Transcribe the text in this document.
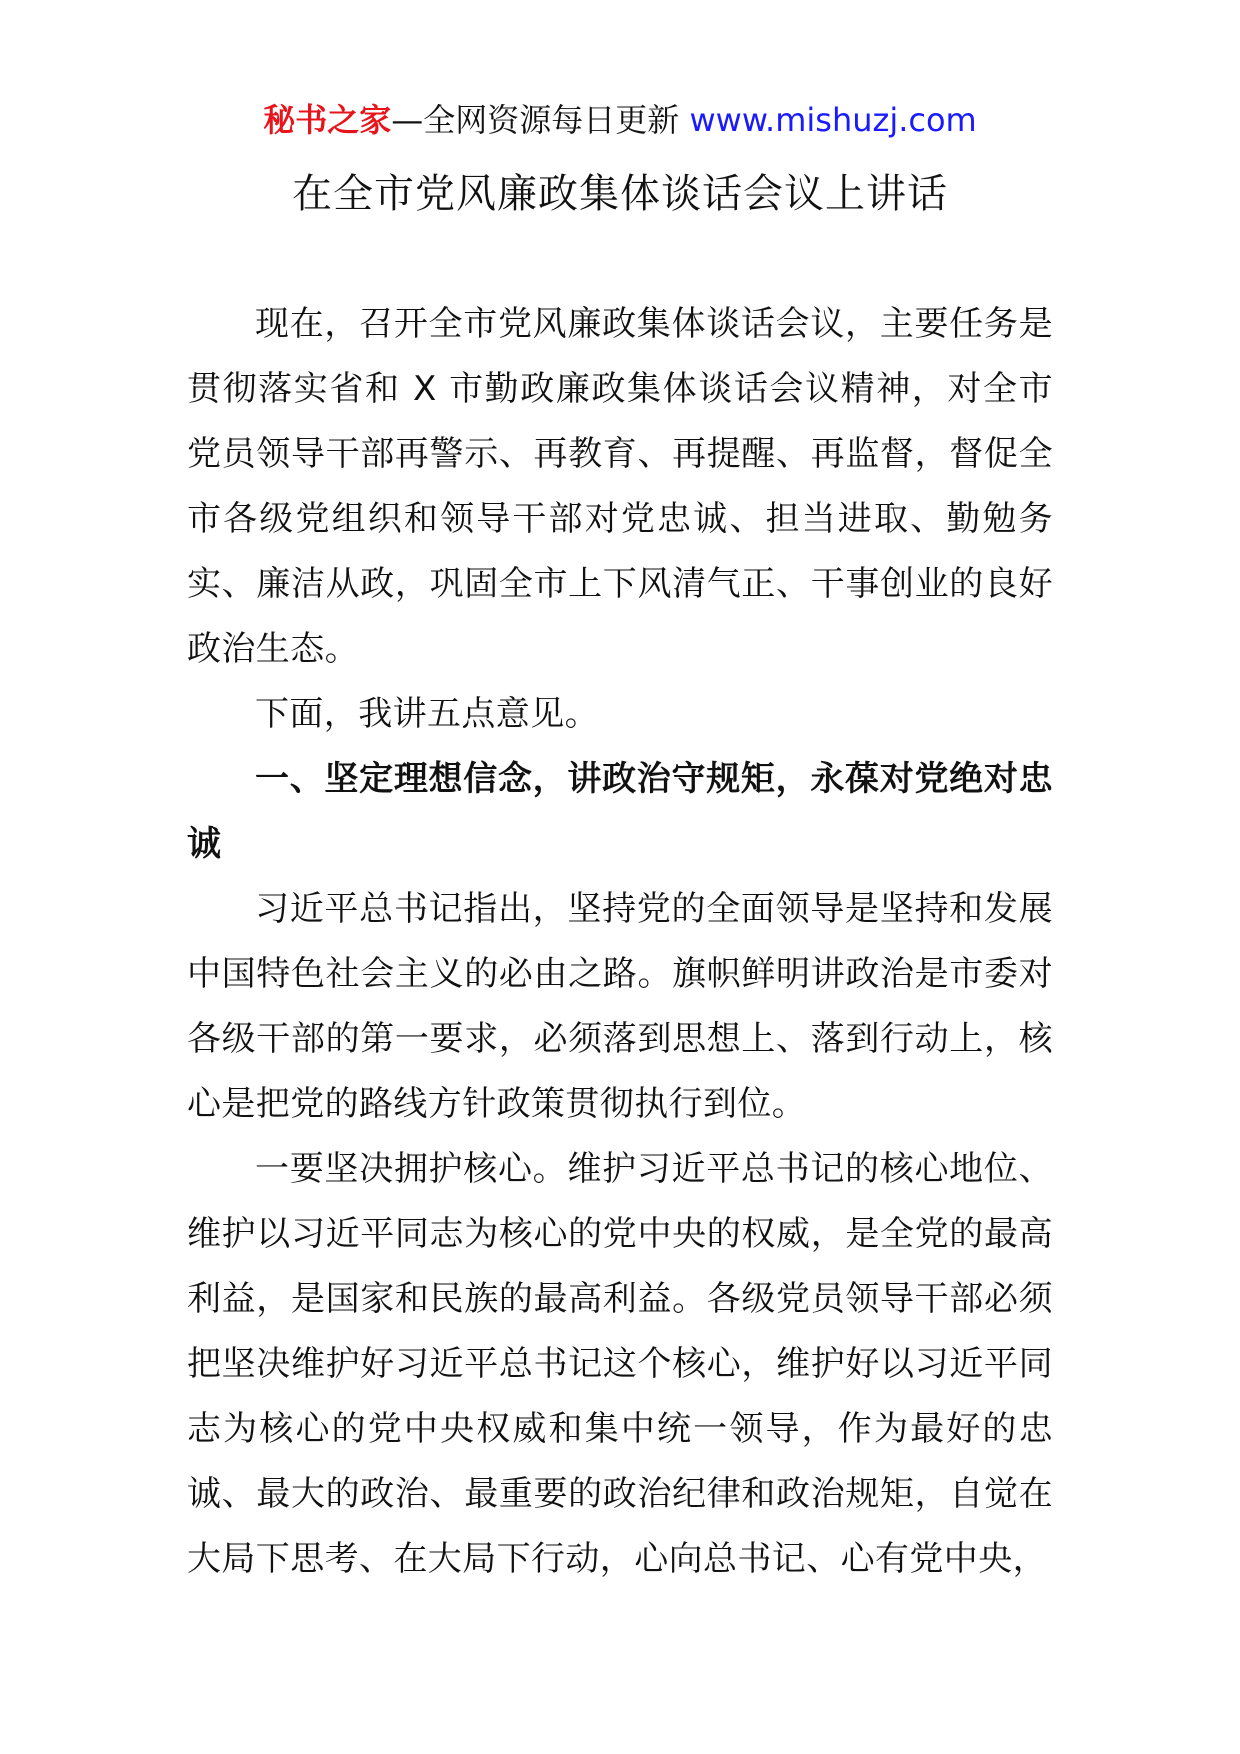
秘书之家—全网资源每日更新 www.mishuzj.com
在全市党风廉政集体谈话会议上讲话

现在，召开全市党风廉政集体谈话会议，主要任务是贯彻落实省和 X 市勤政廉政集体谈话会议精神，对全市党员领导干部再警示、再教育、再提醒、再监督，督促全市各级党组织和领导干部对党忠诚、担当进取、勤勉务实、廉洁从政，巩固全市上下风清气正、干事创业的良好政治生态。

下面，我讲五点意见。

一、坚定理想信念，讲政治守规矩，永葆对党绝对忠诚

习近平总书记指出，坚持党的全面领导是坚持和发展中国特色社会主义的必由之路。旗帜鲜明讲政治是市委对各级干部的第一要求，必须落到思想上、落到行动上，核心是把党的路线方针政策贯彻执行到位。

一要坚决拥护核心。维护习近平总书记的核心地位、维护以习近平同志为核心的党中央的权威，是全党的最高利益，是国家和民族的最高利益。各级党员领导干部必须把坚决维护好习近平总书记这个核心，维护好以习近平同志为核心的党中央权威和集中统一领导，作为最好的忠诚、最大的政治、最重要的政治纪律和政治规矩，自觉在大局下思考、在大局下行动，心向总书记、心有党中央，
